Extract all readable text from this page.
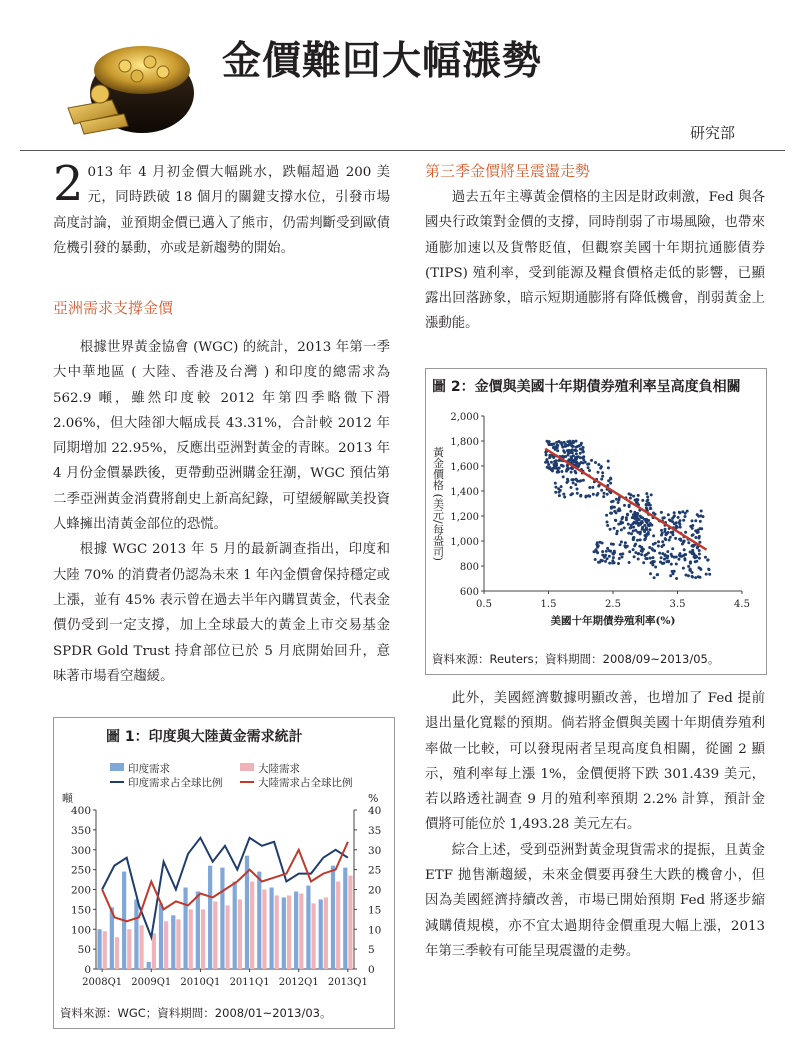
金價難回大幅漲勢
研究部
2 013 年 4 月初金價大幅跳水，跌幅超過 200 美元，同時跌破 18 個月的關鍵支撐水位，引發市場高度討論，並預期金價已邁入了熊市，仍需判斷受到歐債危機引發的暴動，亦或是新趨勢的開始。
亞洲需求支撐金價

根據世界黃金協會 (WGC) 的統計，2013 年第一季大中華地區 ( 大陸、香港及台灣 ) 和印度的總需求為 562.9 噸，雖然印度較 2012 年第四季略微下滑 2.06%，但大陸卻大幅成長 43.31%，合計較 2012 年同期增加 22.95%，反應出亞洲對黃金的青睞。2013 年 4 月份金價暴跌後，更帶動亞洲購金狂潮，WGC 預估第二季亞洲黃金消費將創史上新高紀錄，可望緩解歐美投資人蜂擁出清黃金部位的恐慌。

根據 WGC 2013 年 5 月的最新調查指出，印度和大陸 70% 的消費者仍認為未來 1 年內金價會保持穩定或上漲，並有 45% 表示曾在過去半年內購買黃金，代表金價仍受到一定支撐，加上全球最大的黃金上市交易基金 SPDR Gold Trust 持倉部位已於 5 月底開始回升，意味著市場看空趨緩。

圖 1：印度與大陸黃金需求統計
印度需求	大陸需求
印度需求占全球比例	大陸需求占全球比例
噸	%
0
50
100
150
200
250
300
350
400
0
5
10
15
20
25
30
35
40
2008Q1 2009Q1 2010Q1 2011Q1 2012Q1 2013Q1
資料來源：WGC；資料期間：2008/01~2013/03。
第三季金價將呈震盪走勢

過去五年主導黃金價格的主因是財政刺激，Fed 與各國央行政策對金價的支撐，同時削弱了市場風險，也帶來通膨加速以及貨幣貶值，但觀察美國十年期抗通膨債券 (TIPS) 殖利率，受到能源及糧食價格走低的影響，已顯露出回落跡象，暗示短期通膨將有降低機會，削弱黃金上漲動能。

圖 2：金價與美國十年期債券殖利率呈高度負相關
600
800
1,000
1,200
1,400
1,600
1,800
2,000
0.5	1.5	2.5	3.5	4.5
黃金價格 (美元/每盎司)
美國十年期債券殖利率(%)
資料來源：Reuters；資料期間：2008/09~2013/05。

此外，美國經濟數據明顯改善，也增加了 Fed 提前退出量化寬鬆的預期。倘若將金價與美國十年期債券殖利率做一比較，可以發現兩者呈現高度負相關，從圖 2 顯示，殖利率每上漲 1%，金價便將下跌 301.439 美元，若以路透社調查 9 月的殖利率預期 2.2% 計算，預計金價將可能位於 1,493.28 美元左右。

綜合上述，受到亞洲對黃金現貨需求的提振，且黃金 ETF 拋售漸趨緩，未來金價要再發生大跌的機會小，但因為美國經濟持續改善，市場已開始預期 Fed 將逐步縮減購債規模，亦不宜太過期待金價重現大幅上漲，2013 年第三季較有可能呈現震盪的走勢。
